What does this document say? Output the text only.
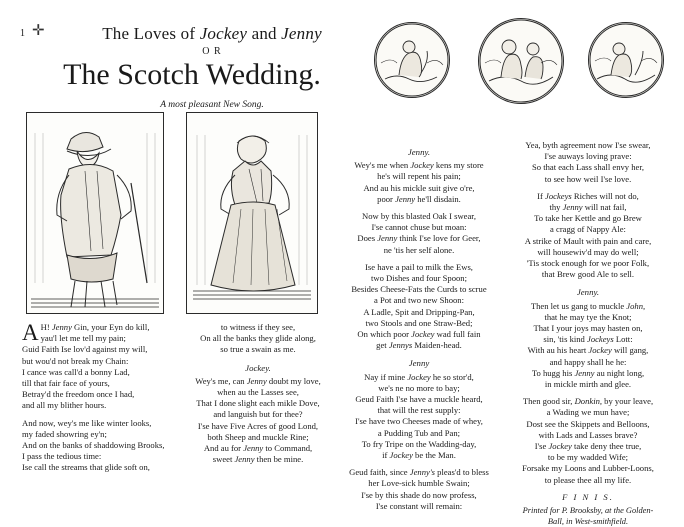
1 ✛	The Loves of Jockey and Jenny
O R
The Scotch Wedding.
A most pleasant New Song.
A H! Jenny Gin, your Eyn do kill,
yau'l let me tell my pain;
Guid Faith Ise lov'd against my will,
but wou'd not break my Chain:
I cance was call'd a bonny Lad,
till that fair face of yours,
Betray'd the freedom once I had,
and all my blither hours.
And now, wey's me like winter looks,
my faded showring ey'n;
And on the banks of shaddowing Brooks,
I pass the tedious time:
Ise call the streams that glide soft on,
to witness if they see,
On all the banks they glide along,
so true a swain as me.
Jockey.
Wey's me, can Jenny doubt my love,
when au the Lasses see,
That I done slight each mikle Dove,
and languish but for thee?
I'se have Five Acres of good Lond,
both Sheep and muckle Rine;
And au for Jenny to Command,
sweet Jenny then be mine.
Jenny.
Wey's me when Jockey kens my store
he's will repent his pain;
And au his mickle suit give o're,
poor Jenny he'll disdain.
Now by this blasted Oak I swear,
I'se cannot chuse but moan:
Does Jenny think I'se love for Geer,
ne 'tis her self alone.
Ise have a pail to milk the Ews,
two Dishes and four Spoon;
Besides Cheese-Fats the Curds to scrue
a Pot and two new Shoon:
A Ladle, Spit and Dripping-Pan,
two Stools and one Straw-Bed;
On which poor Jockey wad full fain
get Jennys Maiden-head.
Jenny
Nay if mine Jockey he so stor'd,
we's ne no more to bay;
Geud Faith I'se have a muckle heard,
that will the rest supply:
I'se have two Cheeses made of whey,
a Pudding Tub and Pan;
To fry Tripe on the Wadding-day,
if Jockey be the Man.
Geud faith, since Jenny's pleas'd to bless
her Love-sick humble Swain;
I'se by this shade do now profess,
I'se constant will remain:
Yea, byth agreement now I'se swear,
I'se auways loving prave:
So that each Lass shall envy her,
to see how weil I'se love.
If Jockeys Riches will not do,
thy Jenny will nat fail,
To take her Kettle and go Brew
a cragg of Nappy Ale:
A strike of Mault with pain and care,
will housewiv'd may do well;
'Tis stock enough for we poor Folk,
that Brew good Ale to sell.
Jenny.
Then let us gang to muckle John,
that he may tye the Knot;
That I your joys may hasten on,
sin, 'tis kind Jockeys Lott:
With au his heart Jockey will gang,
and happy shall he he:
To hugg his Jenny au night long,
in mickle mirth and glee.
Then good sir, Donkin, by your leave,
a Wading we mun have;
Dost see the Skippets and Belloons,
with Lads and Lasses brave?
I'se Jockey take deny thee true,
to be my wadded Wife;
Forsake my Loons and Lubber-Loons,
to please thee all my life.
F I N I S.
Printed for P. Brooksby, at the Golden-
Ball, in West-smithfield.
